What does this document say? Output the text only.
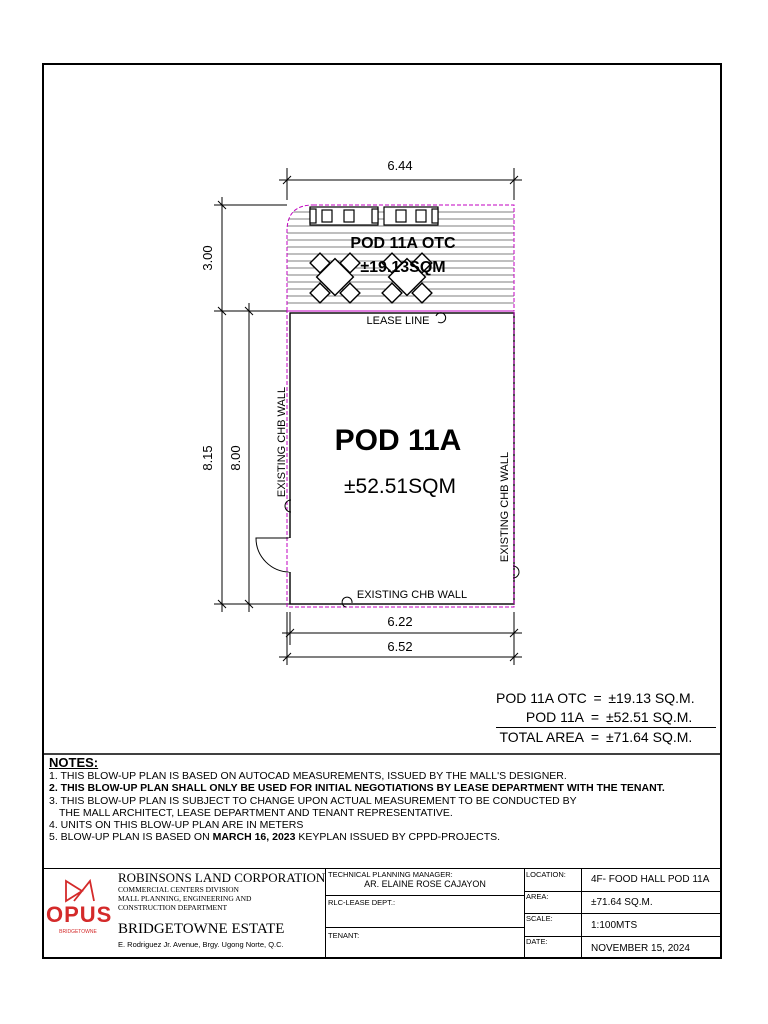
6.44
3.00
8.15 8.00
POD 11A OTC
±19.13SQM
LEASE LINE
POD 11A
±52.51SQM
EXISTING CHB WALL
EXISTING CHB WALL
EXISTING CHB WALL
6.22
6.52
POD 11A OTC = ±19.13 SQ.M.
POD 11A = ±52.51 SQ.M.
TOTAL AREA = ±71.64 SQ.M.
NOTES:
1. THIS BLOW-UP PLAN IS BASED ON AUTOCAD MEASUREMENTS, ISSUED BY THE MALL'S DESIGNER.
2. THIS BLOW-UP PLAN SHALL ONLY BE USED FOR INITIAL NEGOTIATIONS BY LEASE DEPARTMENT WITH THE TENANT.
3. THIS BLOW-UP PLAN IS SUBJECT TO CHANGE UPON ACTUAL MEASUREMENT TO BE CONDUCTED BY
THE MALL ARCHITECT, LEASE DEPARTMENT AND TENANT REPRESENTATIVE.
4. UNITS ON THIS BLOW-UP PLAN ARE IN METERS
5. BLOW-UP PLAN IS BASED ON MARCH 16, 2023 KEYPLAN ISSUED BY CPPD-PROJECTS.
OPUS
BRIDGETOWNE
ROBINSONS LAND CORPORATION
COMMERCIAL CENTERS DIVISION
MALL PLANNING, ENGINEERING AND
CONSTRUCTION DEPARTMENT
BRIDGETOWNE ESTATE
E. Rodriguez Jr. Avenue, Brgy. Ugong Norte, Q.C.
TECHNICAL PLANNING MANAGER:
AR. ELAINE ROSE CAJAYON
RLC-LEASE DEPT.:
TENANT:
LOCATION:	4F- FOOD HALL POD 11A
AREA:
±71.64 SQ.M.
SCALE:
1:100MTS
DATE:
NOVEMBER 15, 2024
